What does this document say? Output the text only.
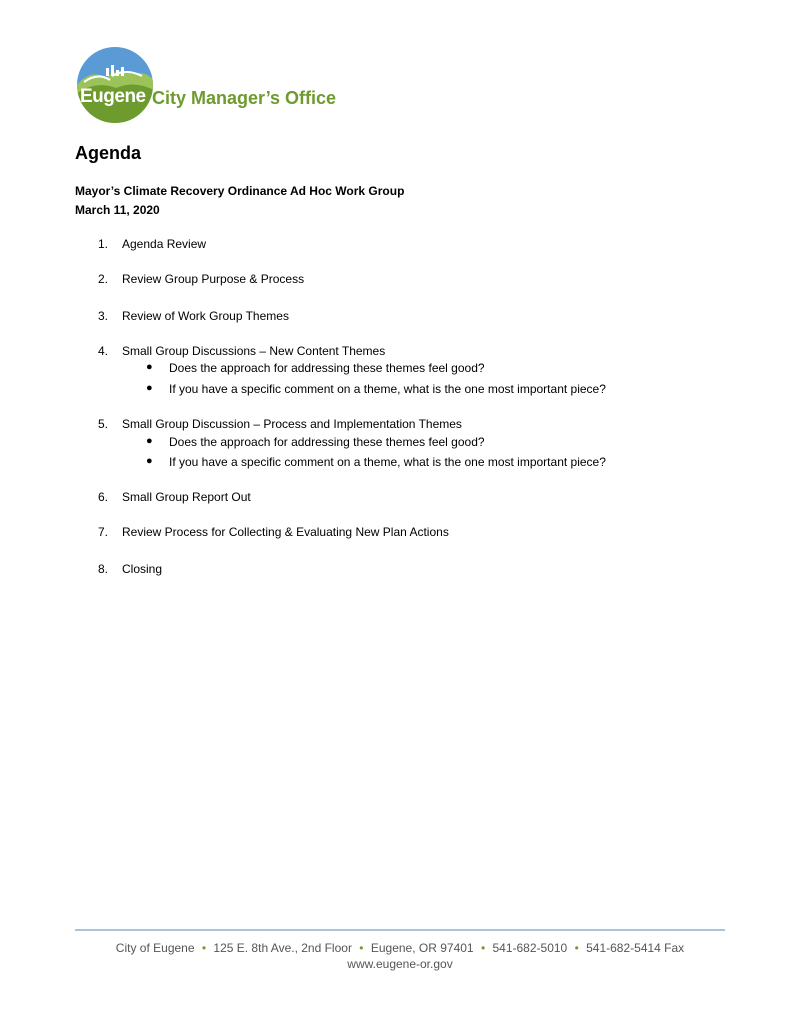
Eugene City Manager’s Office
Agenda
Mayor’s Climate Recovery Ordinance Ad Hoc Work Group
March 11, 2020
1.	Agenda Review
2.	Review Group Purpose & Process
3.	Review of Work Group Themes
4.	Small Group Discussions – New Content Themes
● Does the approach for addressing these themes feel good?
● If you have a specific comment on a theme, what is the one most important piece?
5.	Small Group Discussion – Process and Implementation Themes
● Does the approach for addressing these themes feel good?
● If you have a specific comment on a theme, what is the one most important piece?
6.	Small Group Report Out
7.	Review Process for Collecting & Evaluating New Plan Actions
8.	Closing
City of Eugene • 125 E. 8th Ave., 2nd Floor • Eugene, OR 97401 • 541-682-5010 • 541-682-5414 Fax
www.eugene-or.gov
